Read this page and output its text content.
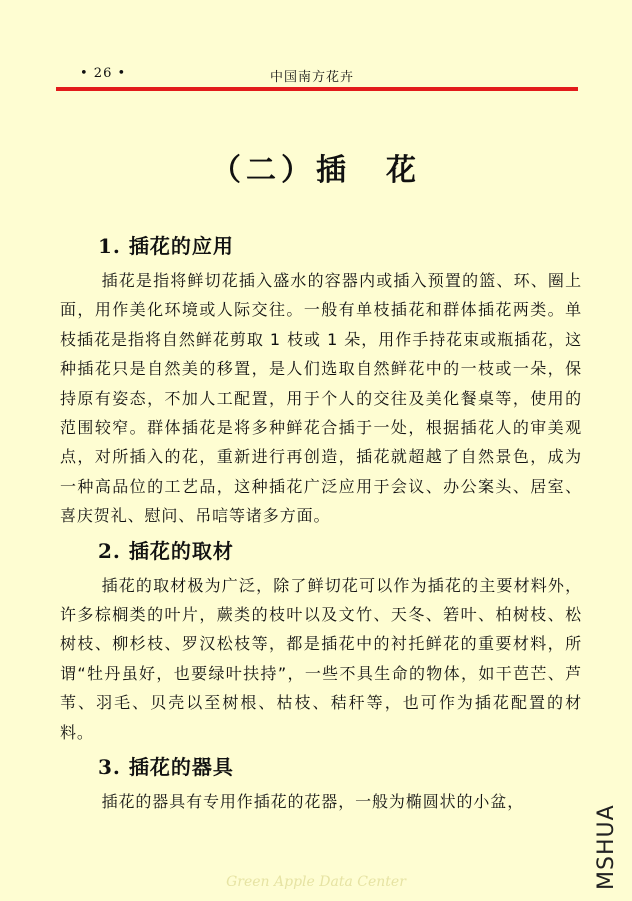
• 26 •	中国南方花卉
（二）插　花
1. 插花的应用

插花是指将鲜切花插入盛水的容器内或插入预置的篮、环、圈上面，用作美化环境或人际交往。一般有单枝插花和群体插花两类。单枝插花是指将自然鲜花剪取 1 枝或 1 朵，用作手持花束或瓶插花，这种插花只是自然美的移置，是人们选取自然鲜花中的一枝或一朵，保持原有姿态，不加人工配置，用于个人的交往及美化餐桌等，使用的范围较窄。群体插花是将多种鲜花合插于一处，根据插花人的审美观点，对所插入的花，重新进行再创造，插花就超越了自然景色，成为一种高品位的工艺品，这种插花广泛应用于会议、办公案头、居室、喜庆贺礼、慰问、吊唁等诸多方面。

2. 插花的取材

插花的取材极为广泛，除了鲜切花可以作为插花的主要材料外，许多棕榈类的叶片，蕨类的枝叶以及文竹、天冬、箬叶、柏树枝、松树枝、柳杉枝、罗汉松枝等，都是插花中的衬托鲜花的重要材料，所谓“牡丹虽好，也要绿叶扶持”，一些不具生命的物体，如干芭芒、芦苇、羽毛、贝壳以至树根、枯枝、秸秆等，也可作为插花配置的材料。

3. 插花的器具

插花的器具有专用作插花的花器，一般为椭圆状的小盆，

Green Apple Data Center	MSHUA
